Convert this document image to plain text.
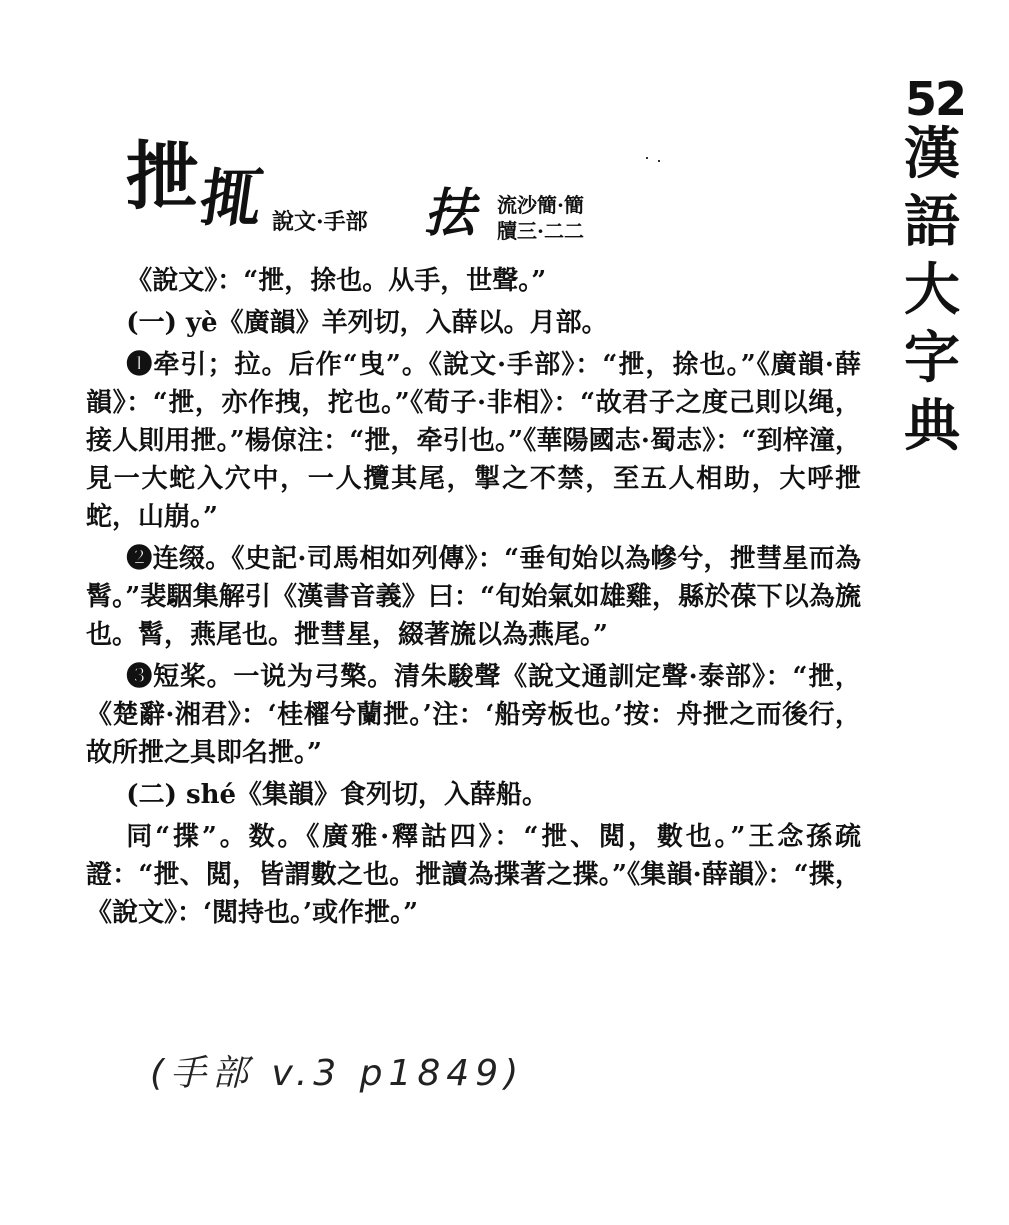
52
漢
語
大
字
典
抴
𢬴 說文·手部 抾 流沙簡·簡
牘三·二二

《說文》：“抴，捈也。从手，世聲。”

(一) yè《廣韻》羊列切，入薛以。月部。

❶牵引；拉。后作“曳”。《說文·手部》：“抴，捈也。”《廣韻·薛韻》：“抴，亦作拽，拕也。”《荀子·非相》：“故君子之度己則以绳，接人則用抴。”楊倞注：“抴，牵引也。”《華陽國志·蜀志》：“到梓潼，見一大蛇入穴中，一人攬其尾，掣之不禁，至五人相助，大呼抴蛇，山崩。”

❷连缀。《史記·司馬相如列傳》：“垂旬始以為幓兮，抴彗星而為髾。”裴駰集解引《漢書音義》曰：“旬始氣如雄雞，縣於葆下以為旒也。髾，燕尾也。抴彗星，綴著旒以為燕尾。”

❸短桨。一说为弓檠。清朱駿聲《說文通訓定聲·泰部》：“抴，《楚辭·湘君》：‘桂櫂兮蘭抴。’注：‘船旁板也。’按：舟抴之而後行，故所抴之具即名抴。”

(二) shé《集韻》食列切，入薛船。

同“揲”。数。《廣雅·釋詁四》：“抴、閲，數也。”王念孫疏證：“抴、閲，皆謂數之也。抴讀為揲著之揲。”《集韻·薛韻》：“揲，《說文》：‘閲持也。’或作抴。”

(手部 v.3 p1849)
